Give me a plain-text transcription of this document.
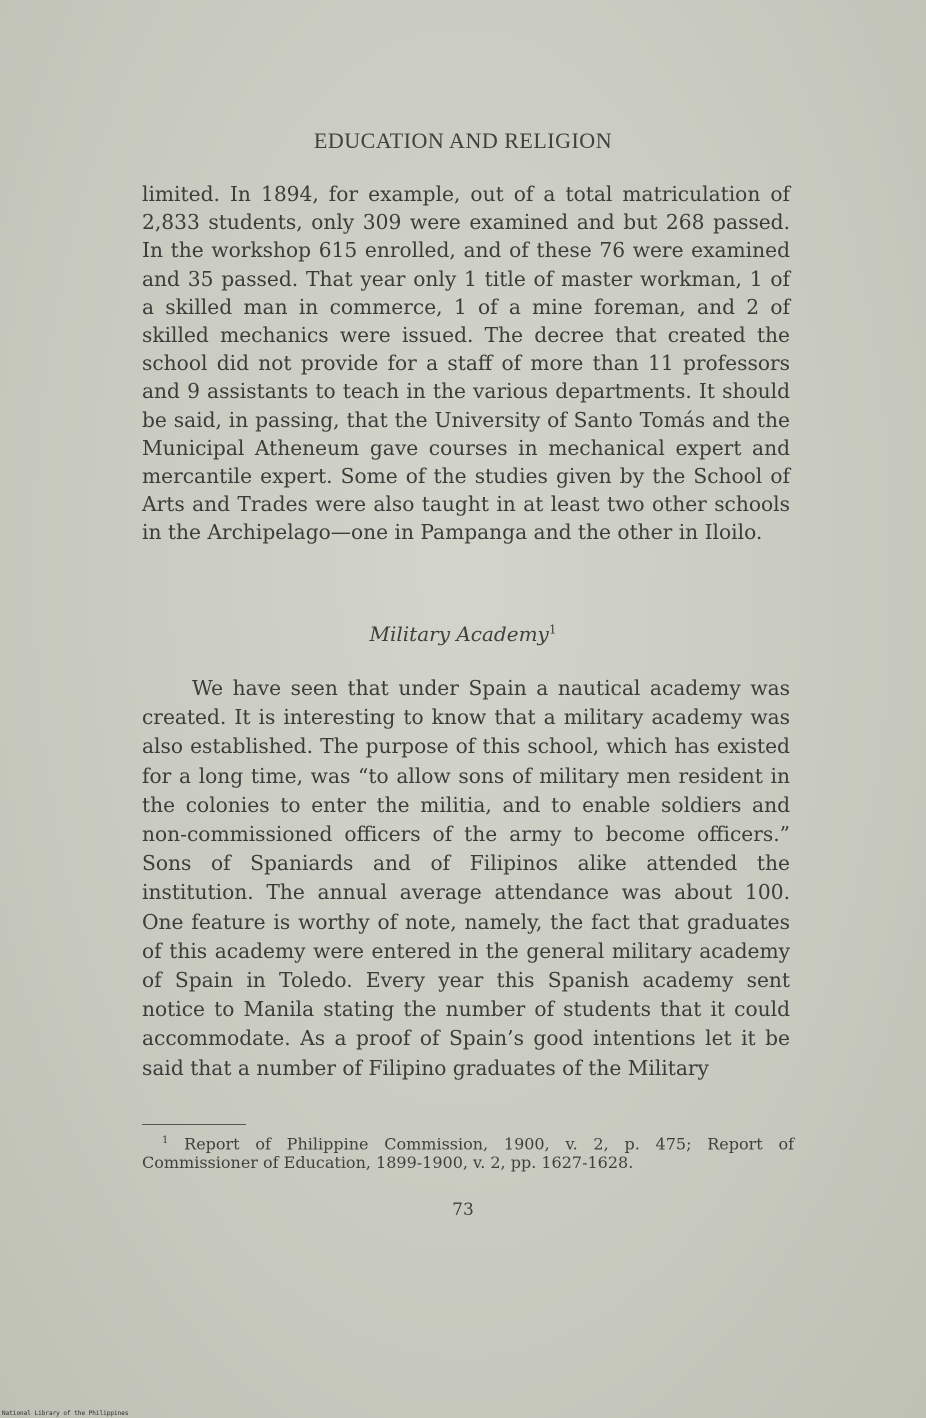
EDUCATION AND RELIGION

limited. In 1894, for example, out of a total matriculation of 2,833 students, only 309 were examined and but 268 passed. In the workshop 615 enrolled, and of these 76 were examined and 35 passed. That year only 1 title of master workman, 1 of a skilled man in commerce, 1 of a mine foreman, and 2 of skilled mechanics were issued. The decree that created the school did not provide for a staff of more than 11 professors and 9 assistants to teach in the various departments. It should be said, in passing, that the University of Santo Tomás and the Municipal Atheneum gave courses in mechanical expert and mercantile expert. Some of the studies given by the School of Arts and Trades were also taught in at least two other schools in the Archipelago—one in Pampanga and the other in Iloilo.

Military Academy$^1$

We have seen that under Spain a nautical academy was created. It is interesting to know that a military academy was also established. The purpose of this school, which has existed for a long time, was “to allow sons of military men resident in the colonies to enter the militia, and to enable soldiers and non-commissioned officers of the army to become officers.” Sons of Spaniards and of Filipinos alike attended the institution. The annual average attendance was about 100. One feature is worthy of note, namely, the fact that graduates of this academy were entered in the general military academy of Spain in Toledo. Every year this Spanish academy sent notice to Manila stating the number of students that it could accommodate. As a proof of Spain’s good intentions let it be said that a number of Filipino graduates of the Military

$^1$ Report of Philippine Commission, 1900, v. 2, p. 475; Report of Commissioner of Education, 1899-1900, v. 2, pp. 1627-1628.

73
National Library of the Philippines
